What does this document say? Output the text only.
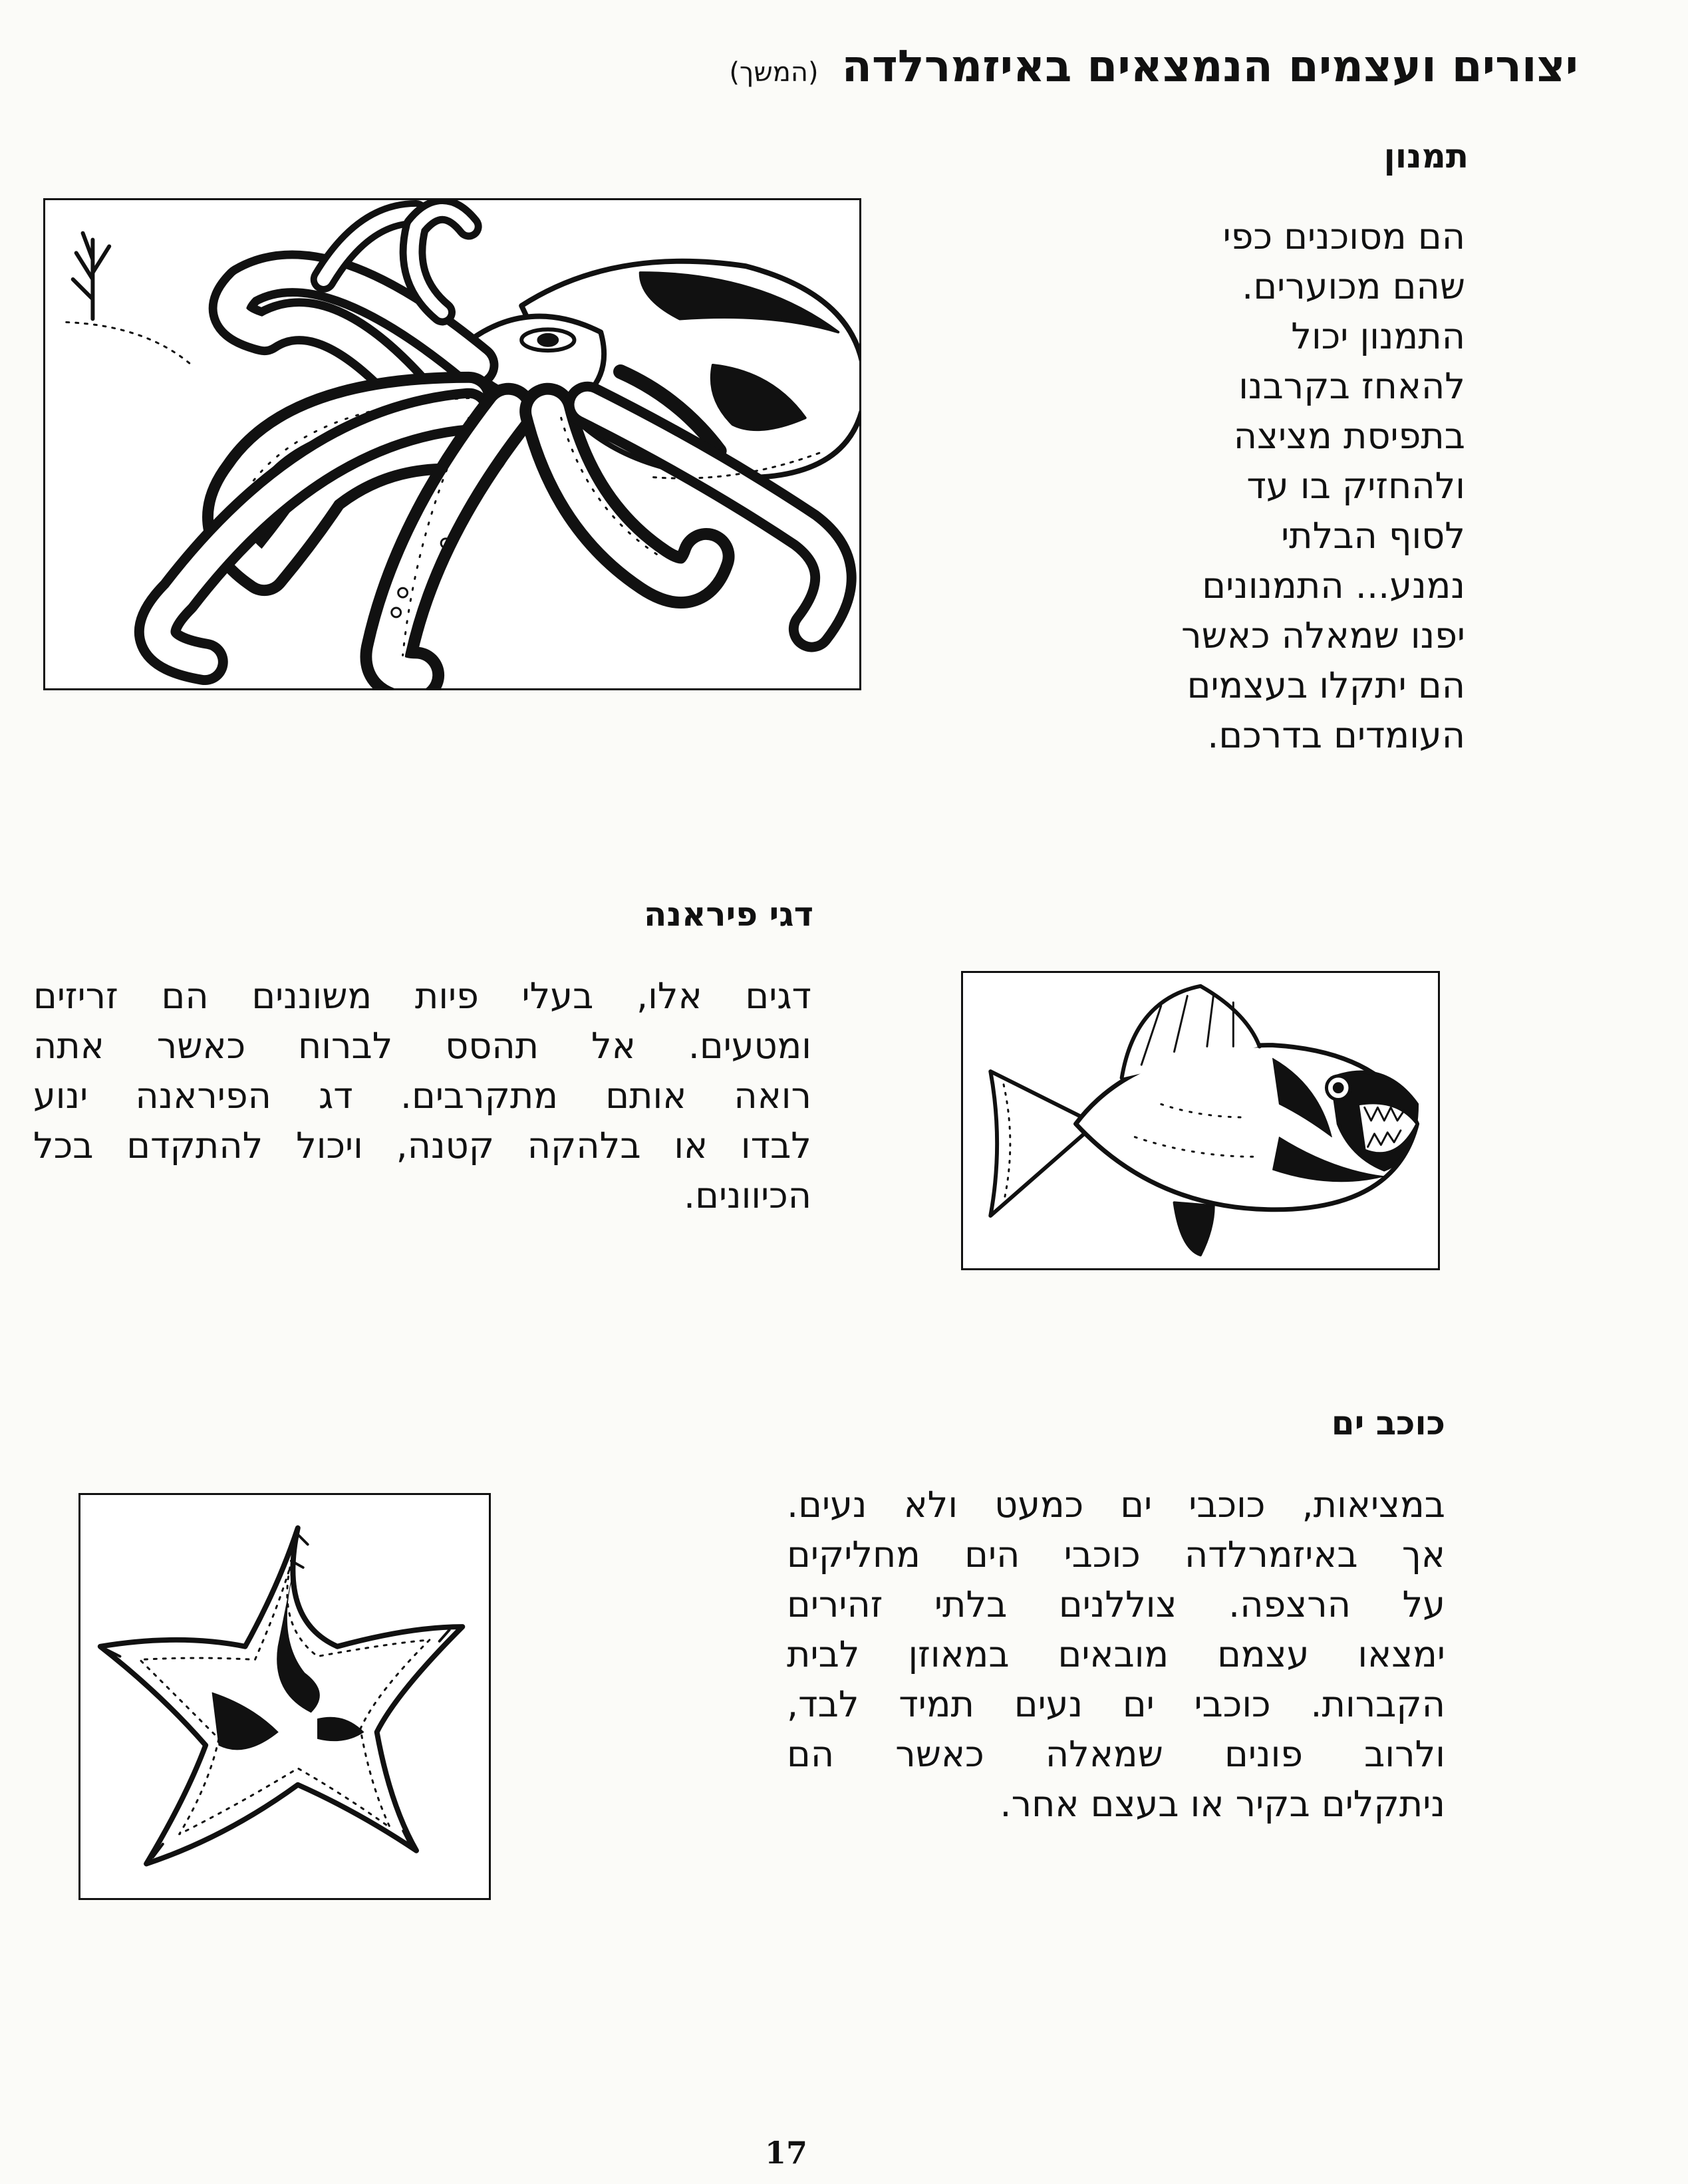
יצורים ועצמים הנמצאים באיזמרלדה (המשך)
תמנון
הם מסוכנים כפי
שהם מכוערים.
התמנון יכול
להאחז בקרבנו
בתפיסת מציצה
ולהחזיק בו עד
לסוף הבלתי
נמנע... התמנונים
יפנו שמאלה כאשר
הם יתקלו בעצמים
העומדים בדרכם.
דגי פיראנה
דגים אלו, בעלי פיות משוננים הם זריזים
ומטעים. אל תהסס לברוח כאשר אתה
רואה אותם מתקרבים. דג הפיראנה ינוע
לבדו או בלהקה קטנה, ויכול להתקדם בכל
הכיוונים.
כוכב ים
במציאות, כוכבי ים כמעט ולא נעים.
אך באיזמרלדה כוכבי הים מחליקים
על הרצפה. צוללנים בלתי זהירים
ימצאו עצמם מובאים במאוזן לבית
הקברות. כוכבי ים נעים תמיד לבד,
ולרוב פונים שמאלה כאשר הם
ניתקלים בקיר או בעצם אחר.
17
